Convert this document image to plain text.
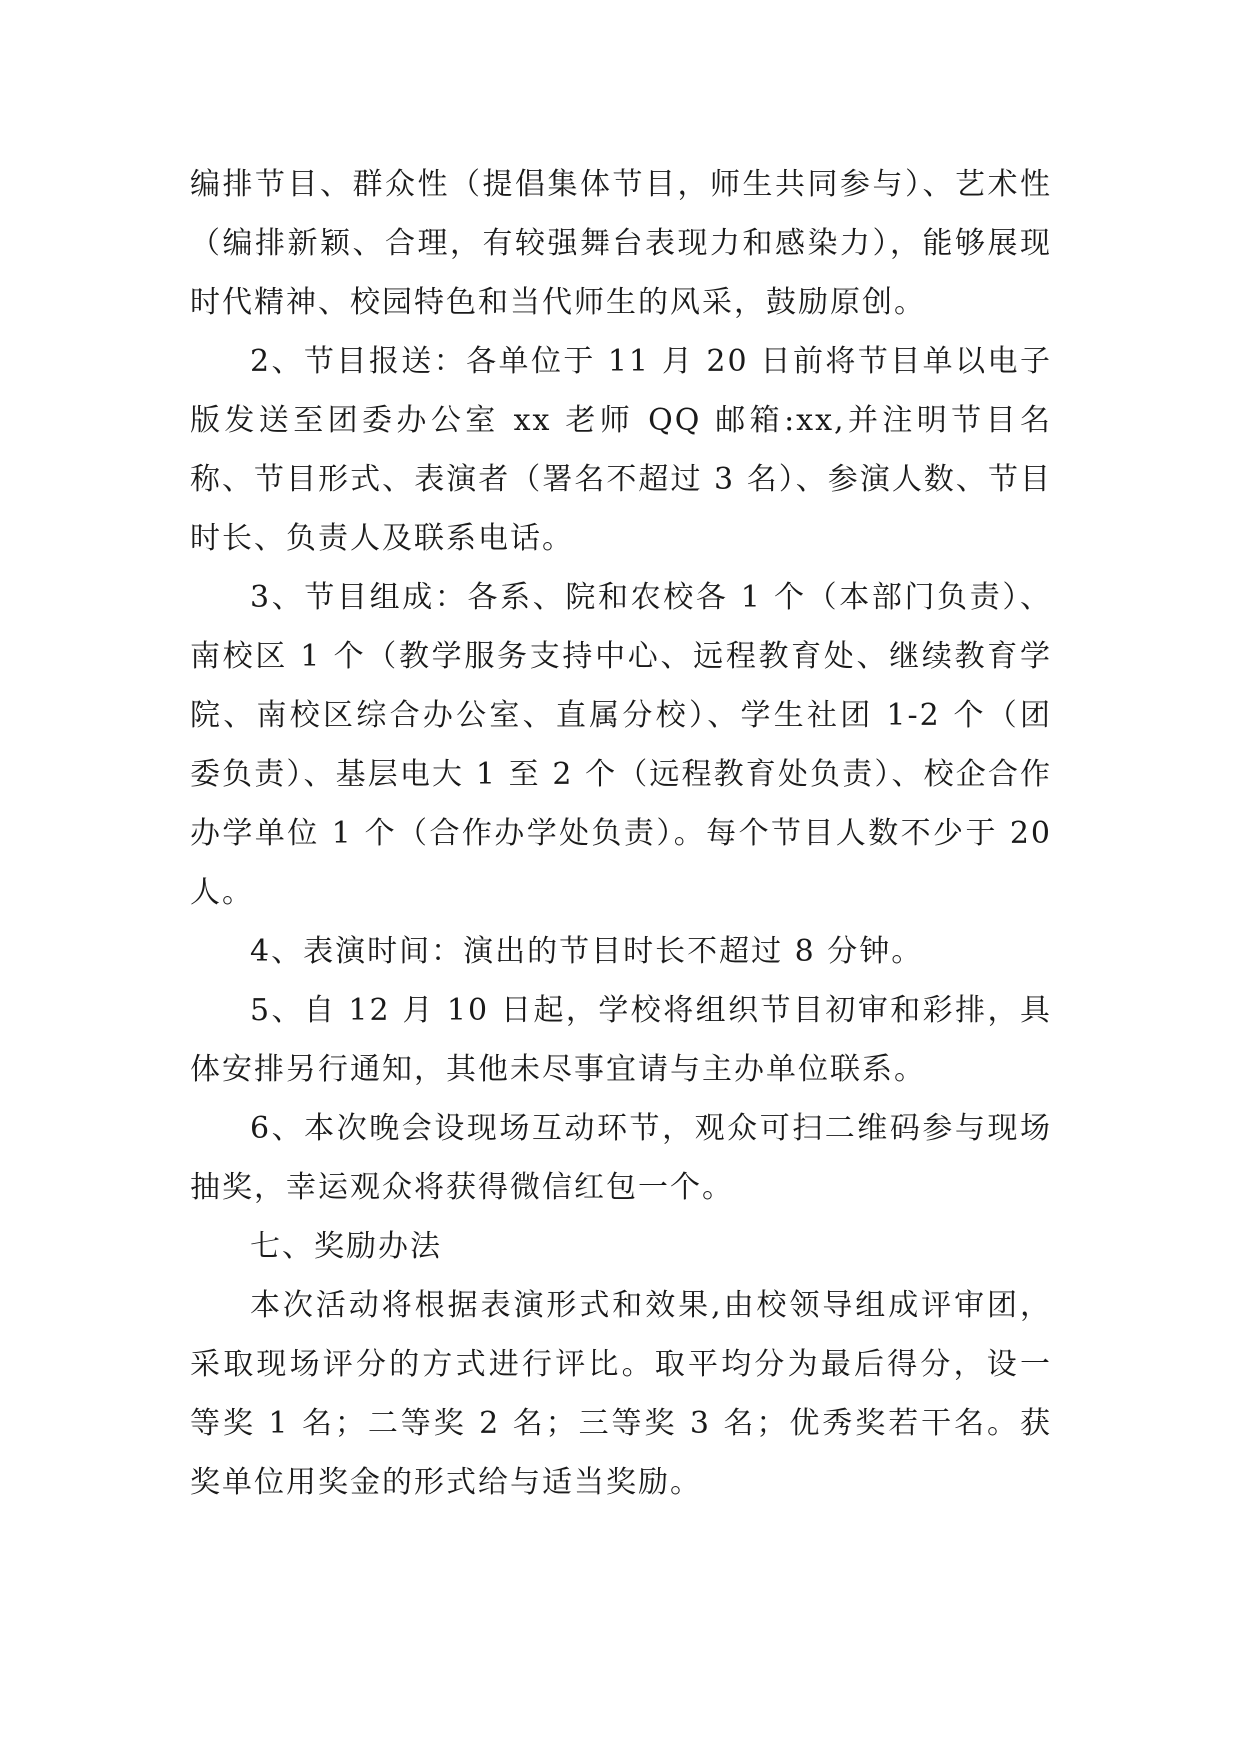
编排节目、群众性（提倡集体节目，师生共同参与）、艺术性（编排新颖、合理，有较强舞台表现力和感染力），能够展现时代精神、校园特色和当代师生的风采，鼓励原创。

2、节目报送：各单位于 11 月 20 日前将节目单以电子版发送至团委办公室 xx 老师 QQ 邮箱:xx,并注明节目名称、节目形式、表演者（署名不超过 3 名）、参演人数、节目时长、负责人及联系电话。

3、节目组成：各系、院和农校各 1 个（本部门负责）、南校区 1 个（教学服务支持中心、远程教育处、继续教育学院、南校区综合办公室、直属分校）、学生社团 1-2 个（团委负责）、基层电大 1 至 2 个（远程教育处负责）、校企合作办学单位 1 个（合作办学处负责）。每个节目人数不少于 20 人。

4、表演时间：演出的节目时长不超过 8 分钟。

5、自 12 月 10 日起，学校将组织节目初审和彩排，具体安排另行通知，其他未尽事宜请与主办单位联系。

6、本次晚会设现场互动环节，观众可扫二维码参与现场抽奖，幸运观众将获得微信红包一个。

七、奖励办法

本次活动将根据表演形式和效果,由校领导组成评审团，采取现场评分的方式进行评比。取平均分为最后得分，设一等奖 1 名；二等奖 2 名；三等奖 3 名；优秀奖若干名。获奖单位用奖金的形式给与适当奖励。
